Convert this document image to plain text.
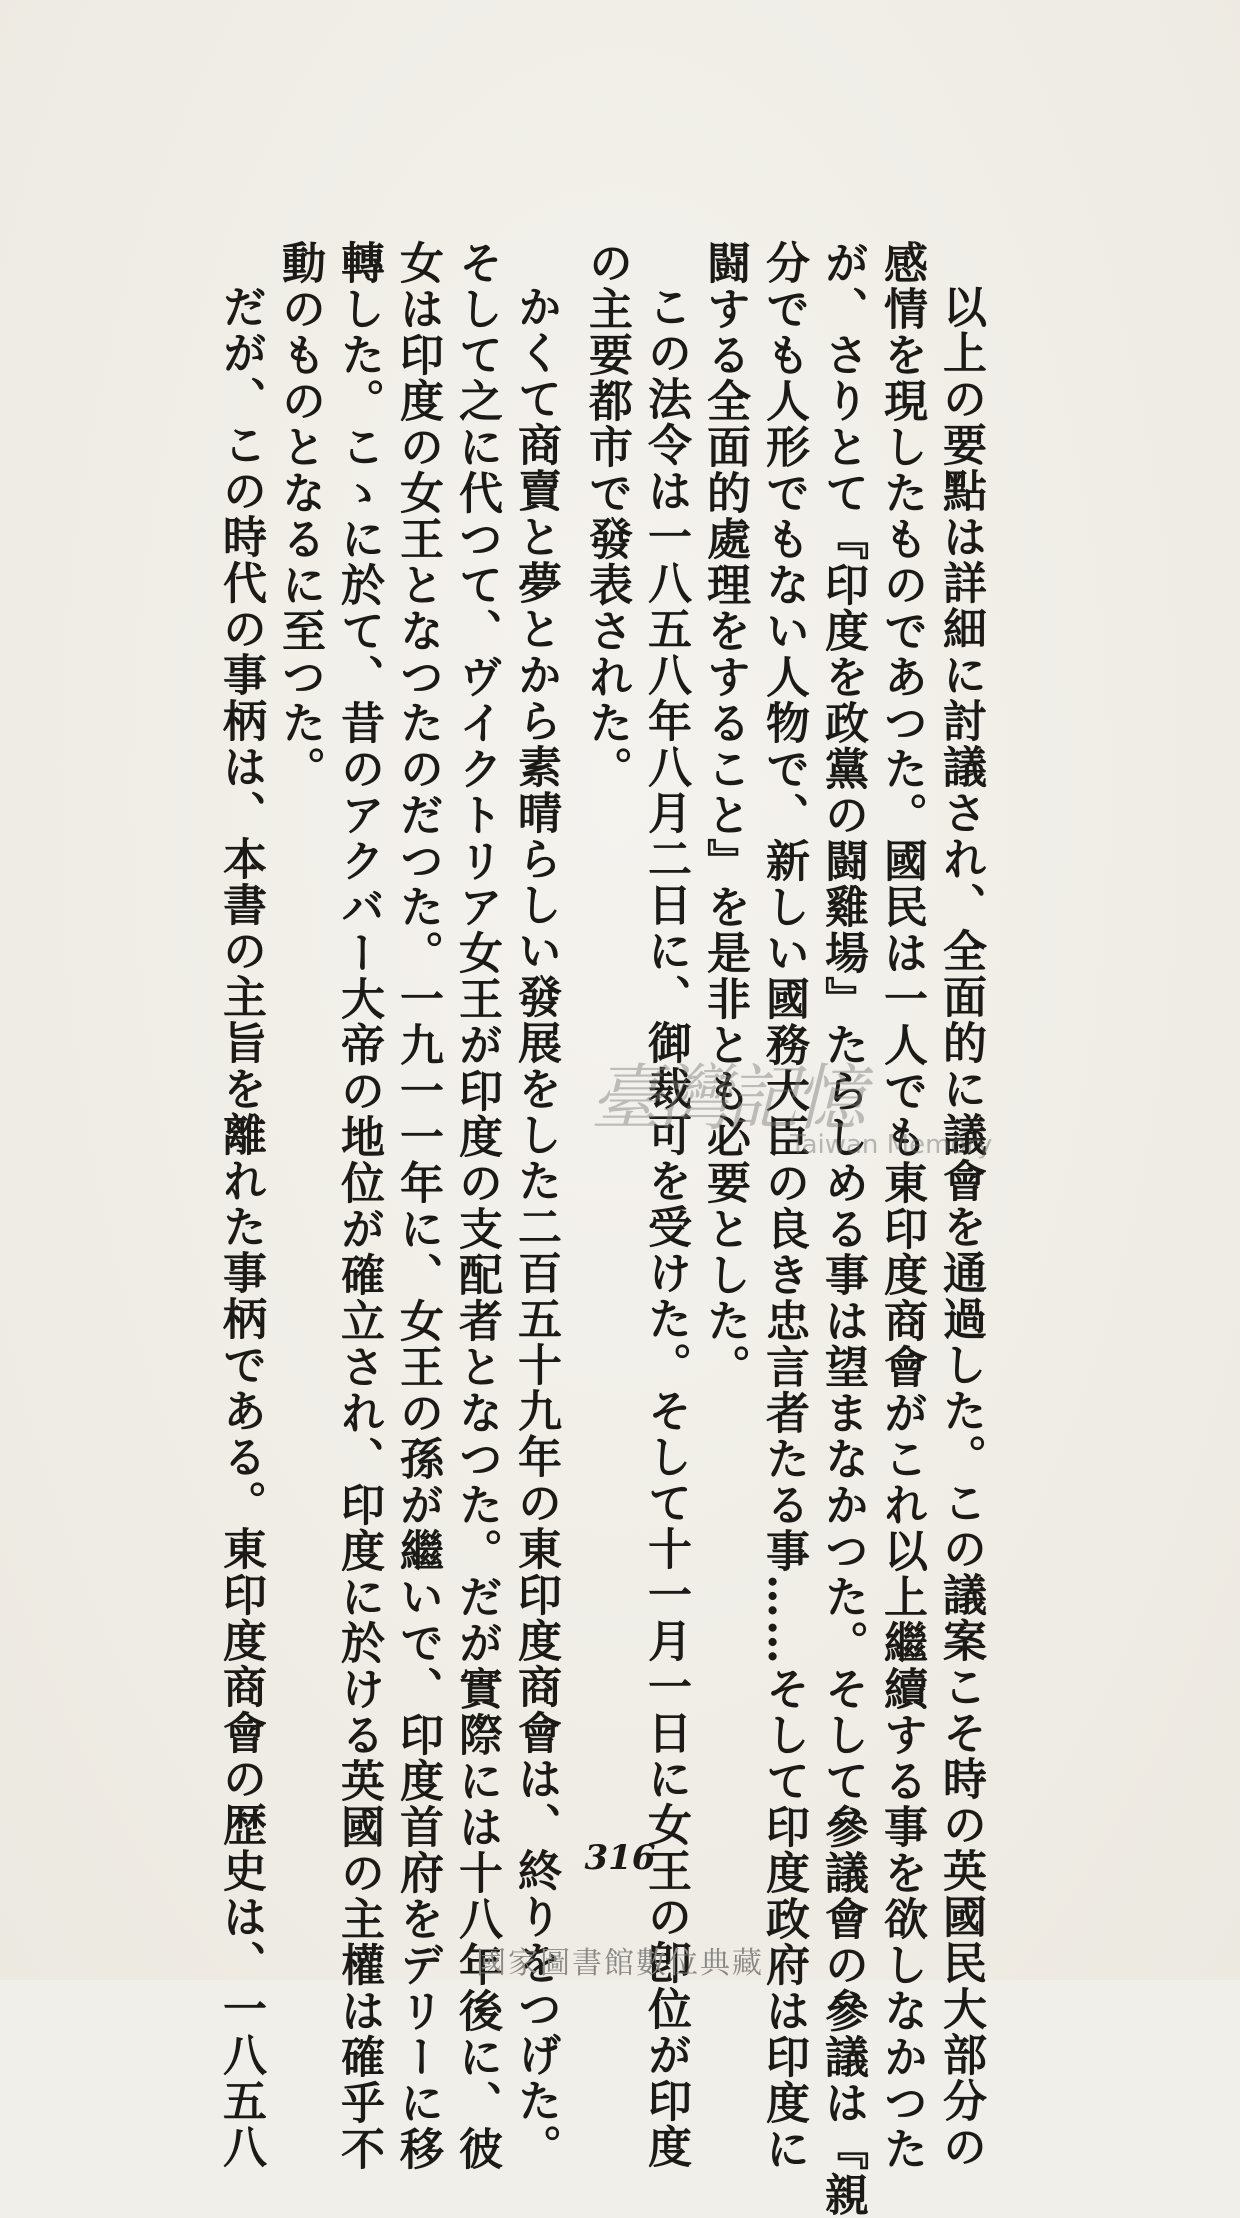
以上の要點は詳細に討議され、全面的に議會を通過した。この議案こそ時の英國民大部分の
感情を現したものであつた。國民は一人でも東印度商會がこれ以上繼續する事を欲しなかつた
が、さりとて『印度を政黨の闘雞場』たらしめる事は望まなかつた。そして參議會の參議は『親
分でも人形でもない人物で、新しい國務大臣の良き忠言者たる事……そして印度政府は印度に
闘する全面的處理をすること』を是非とも必要とした。
この法令は一八五八年八月二日に、御裁可を受けた。そして十一月一日に女王の卽位が印度
の主要都市で發表された。
かくて商賣と夢とから素晴らしい發展をした二百五十九年の東印度商會は、終りをつげた。
そして之に代つて、ヴイクトリア女王が印度の支配者となつた。だが實際には十八年後に、彼
女は印度の女王となつたのだつた。一九一一年に、女王の孫が繼いで、印度首府をデリーに移
轉した。こゝに於て、昔のアクバー大帝の地位が確立され、印度に於ける英國の主權は確乎不
動のものとなるに至つた。
だが、この時代の事柄は、本書の主旨を離れた事柄である。東印度商會の歴史は、一八五八	臺灣記憶
Taiwan Memory
316
國家圖書館數位典藏
